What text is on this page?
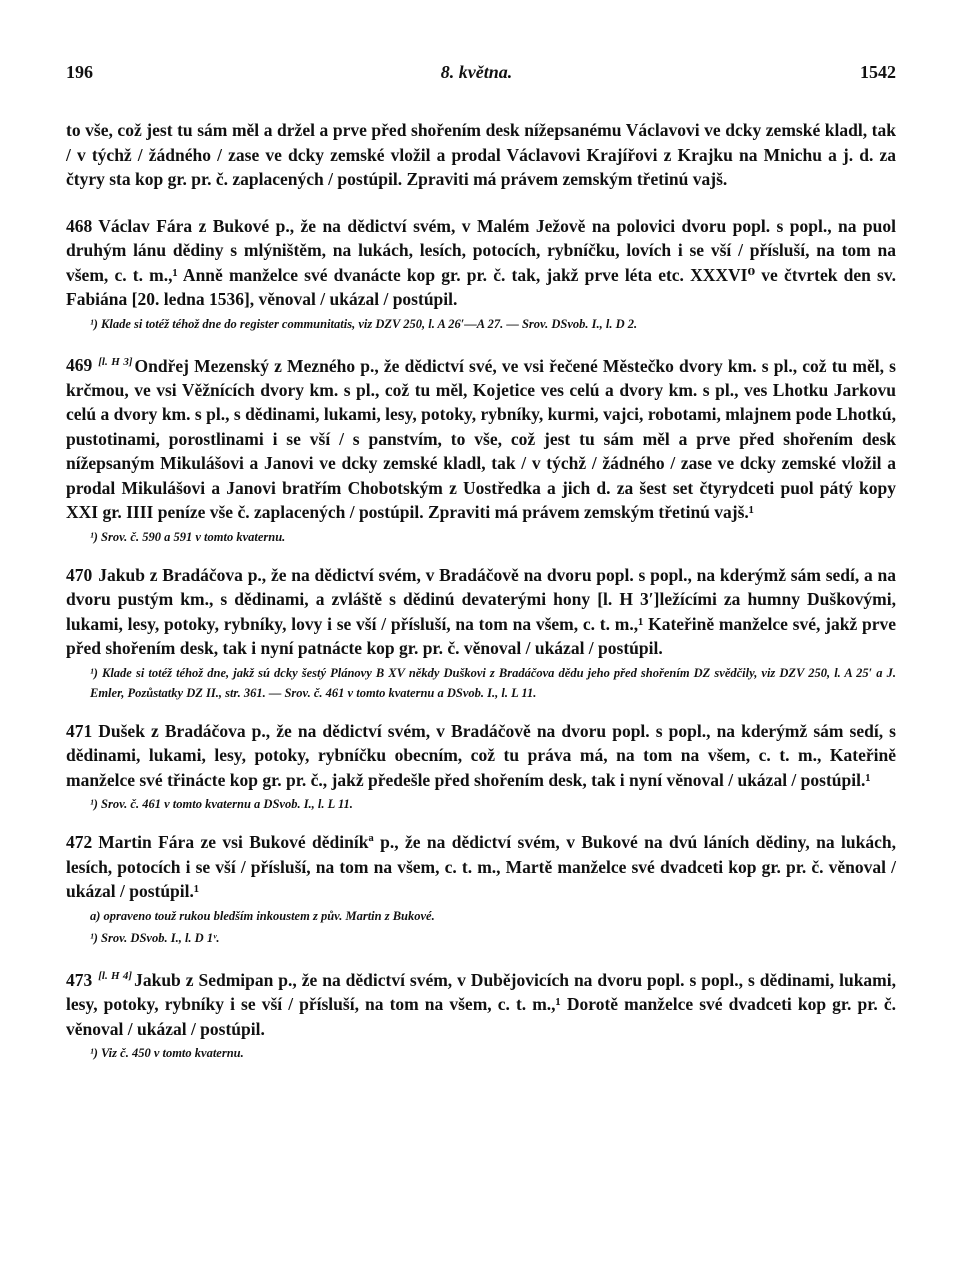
196	8. května.	1542

to vše, což jest tu sám měl a držel a prve před shořením desk nížepsanému Václavovi ve dcky zemské kladl, tak / v týchž / žádného / zase ve dcky zemské vložil a prodal Václavovi Krajířovi z Krajku na Mnichu a j. d. za čtyry sta kop gr. pr. č. zaplacených / postúpil. Zpraviti má právem zemským třetinú vajš.

468 Václav Fára z Bukové p., že na dědictví svém, v Malém Ježově na polovici dvoru popl. s popl., na puol druhým lánu dědiny s mlýništěm, na lukách, lesích, potocích, rybníčku, lovích i se vší / přísluší, na tom na všem, c. t. m.,¹ Anně manželce své dvanácte kop gr. pr. č. tak, jakž prve léta etc. XXXVI⁰ ve čtvrtek den sv. Fabiána [20. ledna 1536], věnoval / ukázal / postúpil.

¹) Klade si totéž téhož dne do register communitatis, viz DZV 250, l. A 26′—A 27. — Srov. DSvob. I., l. D 2.

469 [l. H 3] Ondřej Mezenský z Mezného p., že dědictví své, ve vsi řečené Městečko dvory km. s pl., což tu měl, s krčmou, ve vsi Věžnících dvory km. s pl., což tu měl, Kojetice ves celú a dvory km. s pl., ves Lhotku Jarkovu celú a dvory km. s pl., s dědinami, lukami, lesy, potoky, rybníky, kurmi, vajci, robotami, mlajnem pode Lhotkú, pustotinami, porostlinami i se vší / s panstvím, to vše, což jest tu sám měl a prve před shořením desk nížepsaným Mikulášovi a Janovi ve dcky zemské kladl, tak / v týchž / žádného / zase ve dcky zemské vložil a prodal Mikulášovi a Janovi bratřím Chobotským z Uostředka a jich d. za šest set čtyrydceti puol pátý kopy XXI gr. IIII peníze vše č. zaplacených / postúpil. Zpraviti má právem zemským třetinú vajš.¹

¹) Srov. č. 590 a 591 v tomto kvaternu.

470 Jakub z Bradáčova p., že na dědictví svém, v Bradáčově na dvoru popl. s popl., na kderýmž sám sedí, a na dvoru pustým km., s dědinami, a zvláště s dědinú devaterými hony [l. H 3′]ležícími za humny Duškovými, lukami, lesy, potoky, rybníky, lovy i se vší / přísluší, na tom na všem, c. t. m.,¹ Kateřině manželce své, jakž prve před shořením desk, tak i nyní patnácte kop gr. pr. č. věnoval / ukázal / postúpil.

¹) Klade si totéž téhož dne, jakž sú dcky šestý Plánovy B XV někdy Duškovi z Bradáčova dědu jeho před shořením DZ svědčily, viz DZV 250, l. A 25′ a J. Emler, Pozůstatky DZ II., str. 361. — Srov. č. 461 v tomto kvaternu a DSvob. I., l. L 11.

471 Dušek z Bradáčova p., že na dědictví svém, v Bradáčově na dvoru popl. s popl., na kderýmž sám sedí, s dědinami, lukami, lesy, potoky, rybníčku obecním, což tu práva má, na tom na všem, c. t. m., Kateřině manželce své třinácte kop gr. pr. č., jakž předešle před shořením desk, tak i nyní věnoval / ukázal / postúpil.¹

¹) Srov. č. 461 v tomto kvaternu a DSvob. I., l. L 11.

472 Martin Fára ze vsi Bukové dědiníkª p., že na dědictví svém, v Bukové na dvú láních dědiny, na lukách, lesích, potocích i se vší / přísluší, na tom na všem, c. t. m., Martě manželce své dvadceti kop gr. pr. č. věnoval / ukázal / postúpil.¹

a) opraveno touž rukou bledším inkoustem z pův. Martin z Bukové.

¹) Srov. DSvob. I., l. D 1ᵛ.

473 [l. H 4] Jakub z Sedmipan p., že na dědictví svém, v Dubějovicích na dvoru popl. s popl., s dědinami, lukami, lesy, potoky, rybníky i se vší / přísluší, na tom na všem, c. t. m.,¹ Dorotě manželce své dvadceti kop gr. pr. č. věnoval / ukázal / postúpil.

¹) Viz č. 450 v tomto kvaternu.
